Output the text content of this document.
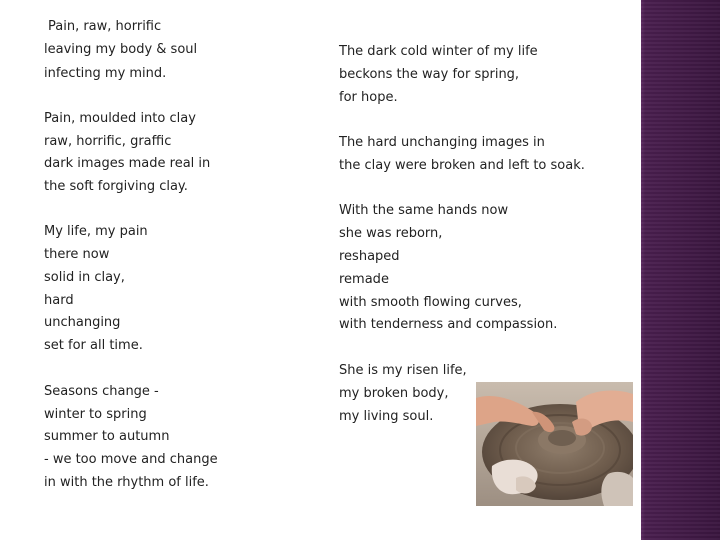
Pain, raw, horrific
leaving my body & soul
infecting my mind.
Pain, moulded into clay
raw, horrific, graffic
dark images made real in
the soft forgiving clay.
My life, my pain
there now
solid in clay,
hard
unchanging
set for all time.
Seasons change -
winter to spring
summer to autumn
- we too move and change
in with the rhythm of life.
The dark cold winter of my life
beckons the way for spring,
for hope.
The hard unchanging images in
the clay were broken and left to soak.
With the same hands now
she was reborn,
reshaped
remade
with smooth flowing curves,
with tenderness and compassion.
She is my risen life,
my broken body,
my living soul.
